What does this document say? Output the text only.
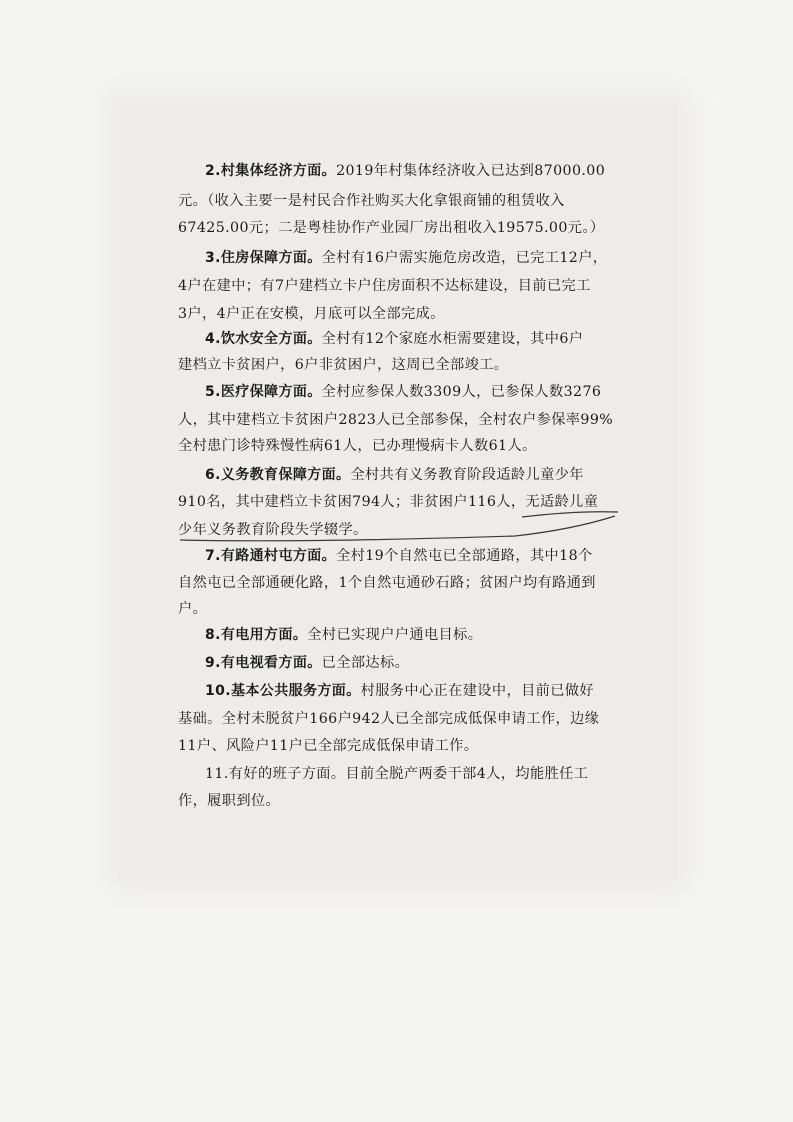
2.村集体经济方面。2019年村集体经济收入已达到87000.00

元。（收入主要一是村民合作社购买大化拿银商铺的租赁收入

67425.00元；二是粤桂协作产业园厂房出租收入19575.00元。）

3.住房保障方面。全村有16户需实施危房改造，已完工12户，

4户在建中；有7户建档立卡户住房面积不达标建设，目前已完工

3户，4户正在安模，月底可以全部完成。

4.饮水安全方面。全村有12个家庭水柜需要建设，其中6户

建档立卡贫困户，6户非贫困户，这周已全部竣工。

5.医疗保障方面。全村应参保人数3309人，已参保人数3276

人，其中建档立卡贫困户2823人已全部参保，全村农户参保率99%

全村患门诊特殊慢性病61人，已办理慢病卡人数61人。

6.义务教育保障方面。全村共有义务教育阶段适龄儿童少年

910名，其中建档立卡贫困794人；非贫困户116人，无适龄儿童

少年义务教育阶段失学辍学。

7.有路通村屯方面。全村19个自然屯已全部通路，其中18个

自然屯已全部通硬化路，1个自然屯通砂石路；贫困户均有路通到

户。

8.有电用方面。全村已实现户户通电目标。

9.有电视看方面。已全部达标。

10.基本公共服务方面。村服务中心正在建设中，目前已做好

基础。全村未脱贫户166户942人已全部完成低保申请工作，边缘

11户、风险户11户已全部完成低保申请工作。

11.有好的班子方面。目前全脱产两委干部4人，均能胜任工

作，履职到位。
